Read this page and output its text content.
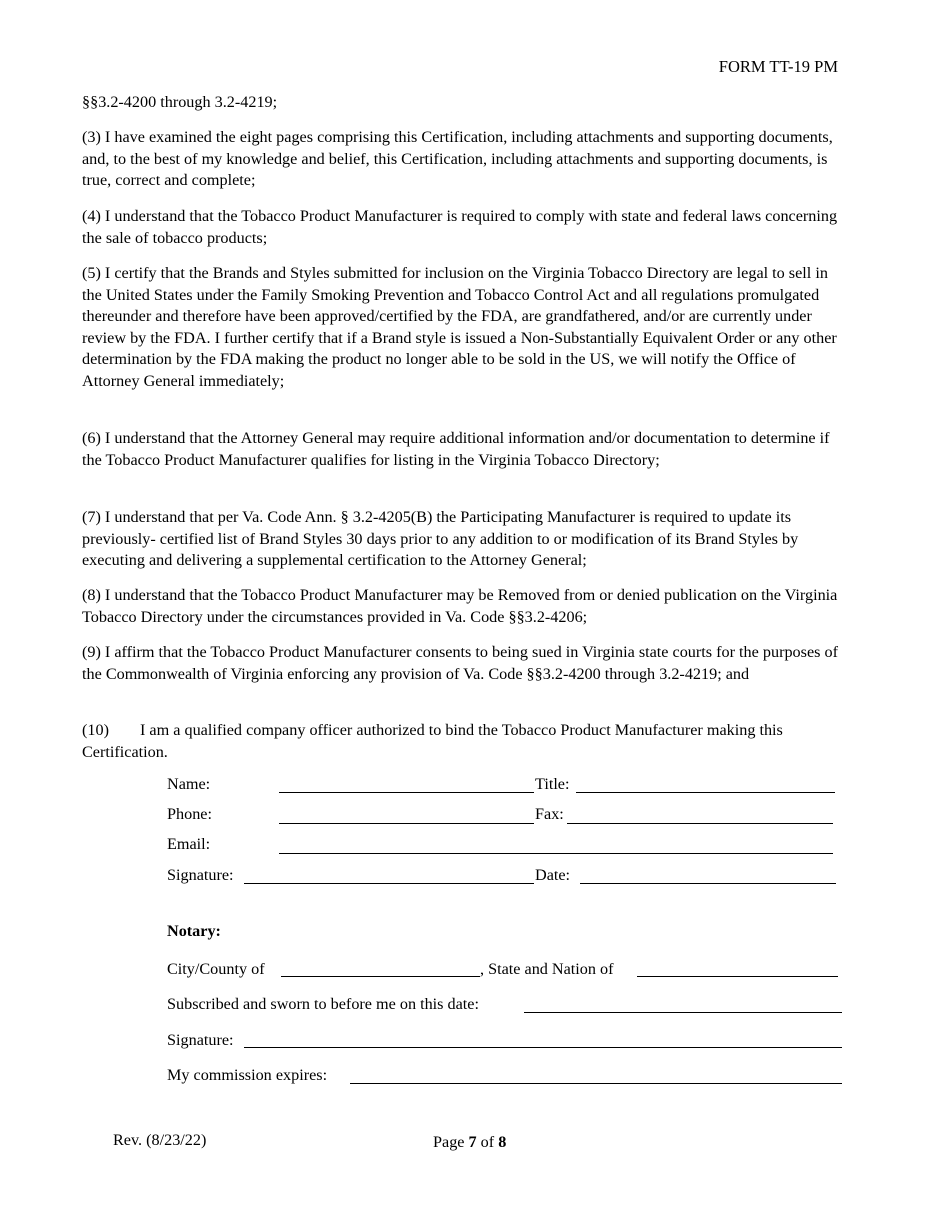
FORM TT-19 PM

§§3.2-4200 through 3.2-4219;

(3) I have examined the eight pages comprising this Certification, including attachments and supporting documents, and, to the best of my knowledge and belief, this Certification, including attachments and supporting documents, is true, correct and complete;

(4) I understand that the Tobacco Product Manufacturer is required to comply with state and federal laws concerning the sale of tobacco products;

(5) I certify that the Brands and Styles submitted for inclusion on the Virginia Tobacco Directory are legal to sell in the United States under the Family Smoking Prevention and Tobacco Control Act and all regulations promulgated thereunder and therefore have been approved/certified by the FDA, are grandfathered, and/or are currently under review by the FDA. I further certify that if a Brand style is issued a Non-Substantially Equivalent Order or any other determination by the FDA making the product no longer able to be sold in the US, we will notify the Office of Attorney General immediately;

(6) I understand that the Attorney General may require additional information and/or documentation to determine if the Tobacco Product Manufacturer qualifies for listing in the Virginia Tobacco Directory;

(7) I understand that per Va. Code Ann. § 3.2-4205(B) the Participating Manufacturer is required to update its previously- certified list of Brand Styles 30 days prior to any addition to or modification of its Brand Styles by executing and delivering a supplemental certification to the Attorney General;

(8) I understand that the Tobacco Product Manufacturer may be Removed from or denied publication on the Virginia Tobacco Directory under the circumstances provided in Va. Code §§3.2-4206;

(9) I affirm that the Tobacco Product Manufacturer consents to being sued in Virginia state courts for the purposes of the Commonwealth of Virginia enforcing any provision of Va. Code §§3.2-4200 through 3.2-4219; and

(10) I am a qualified company officer authorized to bind the Tobacco Product Manufacturer making this Certification.

Name:	Title:
Phone:	Fax:
Email:
Signature:	Date:
Notary:
City/County of	, State and Nation of
Subscribed and sworn to before me on this date:
Signature:
My commission expires:
Rev. (8/23/22)	Page 7 of 8
